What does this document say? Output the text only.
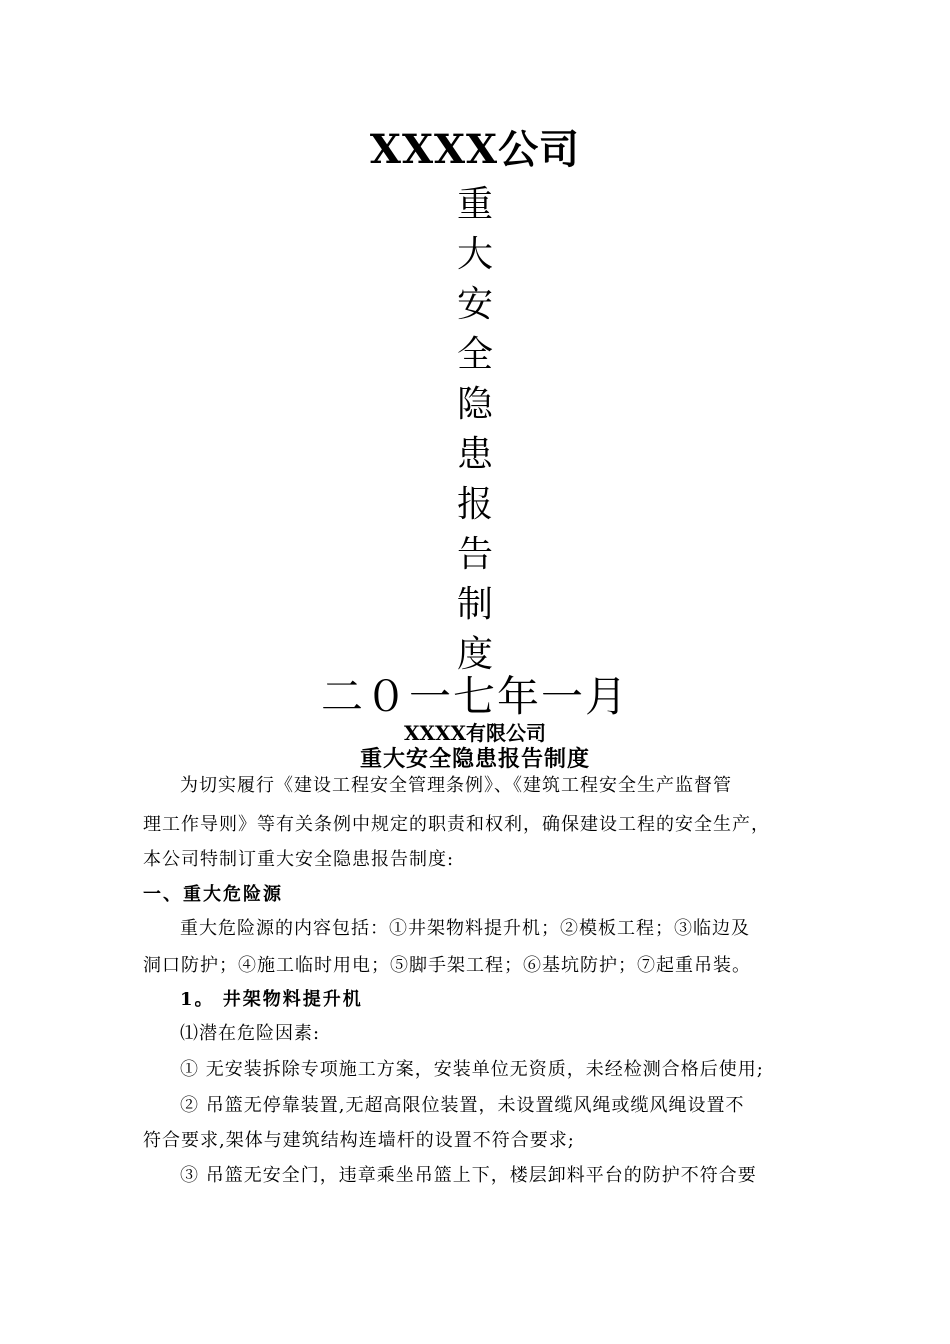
XXXX公司
重
大
安
全
隐
患
报
告
制
度
二０一七年一月
XXXX有限公司
重大安全隐患报告制度
为切实履行《建设工程安全管理条例》、《建筑工程安全生产监督管
理工作导则》等有关条例中规定的职责和权利，确保建设工程的安全生产，
本公司特制订重大安全隐患报告制度:
一、重大危险源
重大危险源的内容包括：①井架物料提升机；②模板工程；③临边及
洞口防护；④施工临时用电；⑤脚手架工程；⑥基坑防护；⑦起重吊装。
1。 井架物料提升机
⑴潜在危险因素:
① 无安装拆除专项施工方案，安装单位无资质，未经检测合格后使用;
② 吊篮无停靠装置,无超高限位装置，未设置缆风绳或缆风绳设置不
符合要求,架体与建筑结构连墙杆的设置不符合要求;
③ 吊篮无安全门，违章乘坐吊篮上下，楼层卸料平台的防护不符合要
